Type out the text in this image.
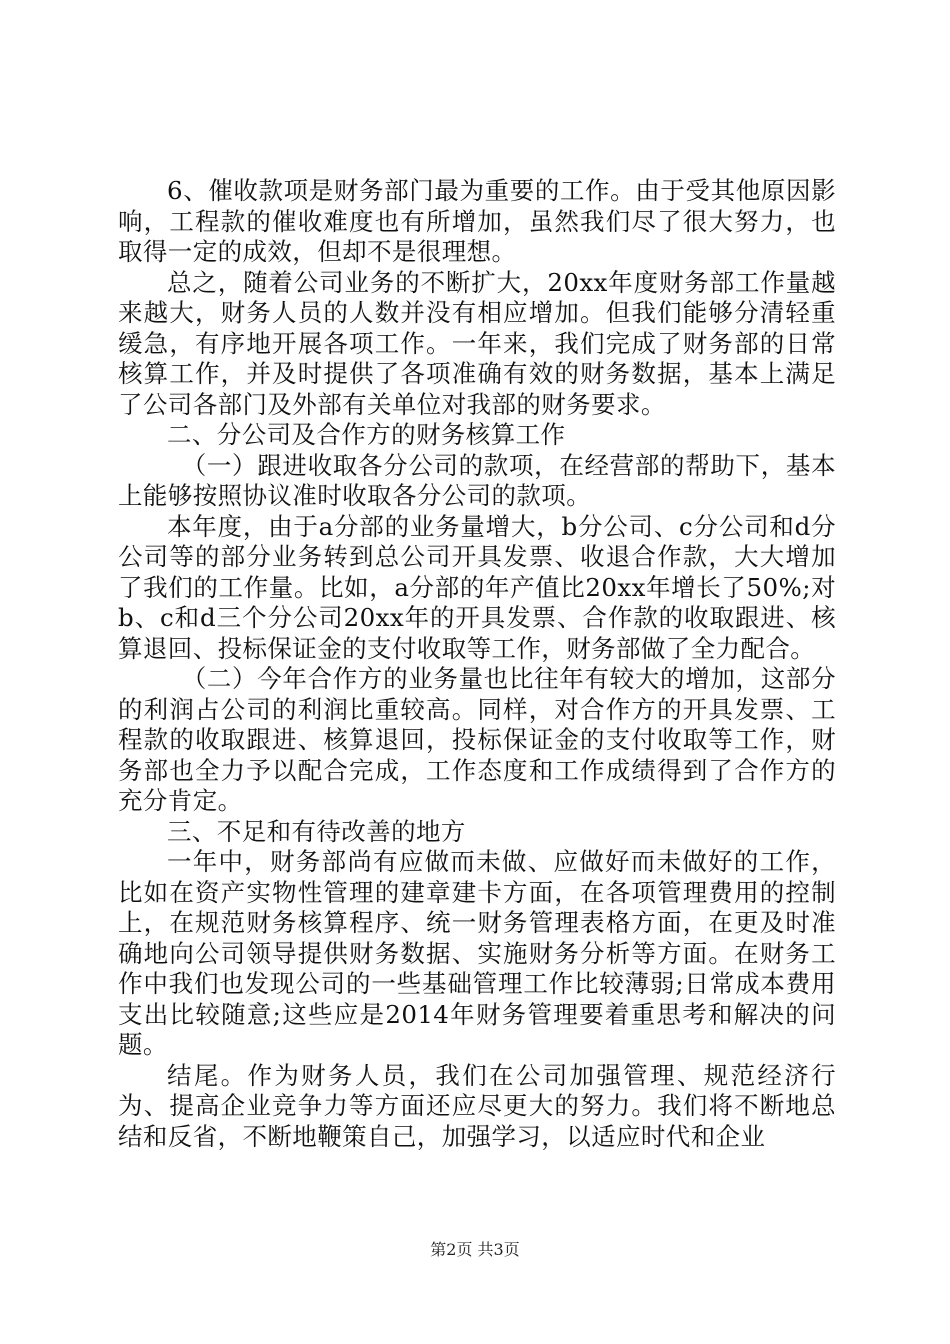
6、催收款项是财务部门最为重要的工作。由于受其他原因影响，工程款的催收难度也有所增加，虽然我们尽了很大努力，也取得一定的成效，但却不是很理想。

总之，随着公司业务的不断扩大，20xx年度财务部工作量越来越大，财务人员的人数并没有相应增加。但我们能够分清轻重缓急，有序地开展各项工作。一年来，我们完成了财务部的日常核算工作，并及时提供了各项准确有效的财务数据，基本上满足了公司各部门及外部有关单位对我部的财务要求。

二、分公司及合作方的财务核算工作

（一）跟进收取各分公司的款项，在经营部的帮助下，基本上能够按照协议准时收取各分公司的款项。

本年度，由于a分部的业务量增大，b分公司、c分公司和d分公司等的部分业务转到总公司开具发票、收退合作款，大大增加了我们的工作量。比如，a分部的年产值比20xx年增长了50%;对b、c和d三个分公司20xx年的开具发票、合作款的收取跟进、核算退回、投标保证金的支付收取等工作，财务部做了全力配合。

（二）今年合作方的业务量也比往年有较大的增加，这部分的利润占公司的利润比重较高。同样，对合作方的开具发票、工程款的收取跟进、核算退回，投标保证金的支付收取等工作，财务部也全力予以配合完成，工作态度和工作成绩得到了合作方的充分肯定。

三、不足和有待改善的地方

一年中，财务部尚有应做而未做、应做好而未做好的工作，比如在资产实物性管理的建章建卡方面，在各项管理费用的控制上，在规范财务核算程序、统一财务管理表格方面，在更及时准确地向公司领导提供财务数据、实施财务分析等方面。在财务工作中我们也发现公司的一些基础管理工作比较薄弱;日常成本费用支出比较随意;这些应是2014年财务管理要着重思考和解决的问题。

结尾。作为财务人员，我们在公司加强管理、规范经济行为、提高企业竞争力等方面还应尽更大的努力。我们将不断地总结和反省，不断地鞭策自己，加强学习，以适应时代和企业

第2页 共3页
